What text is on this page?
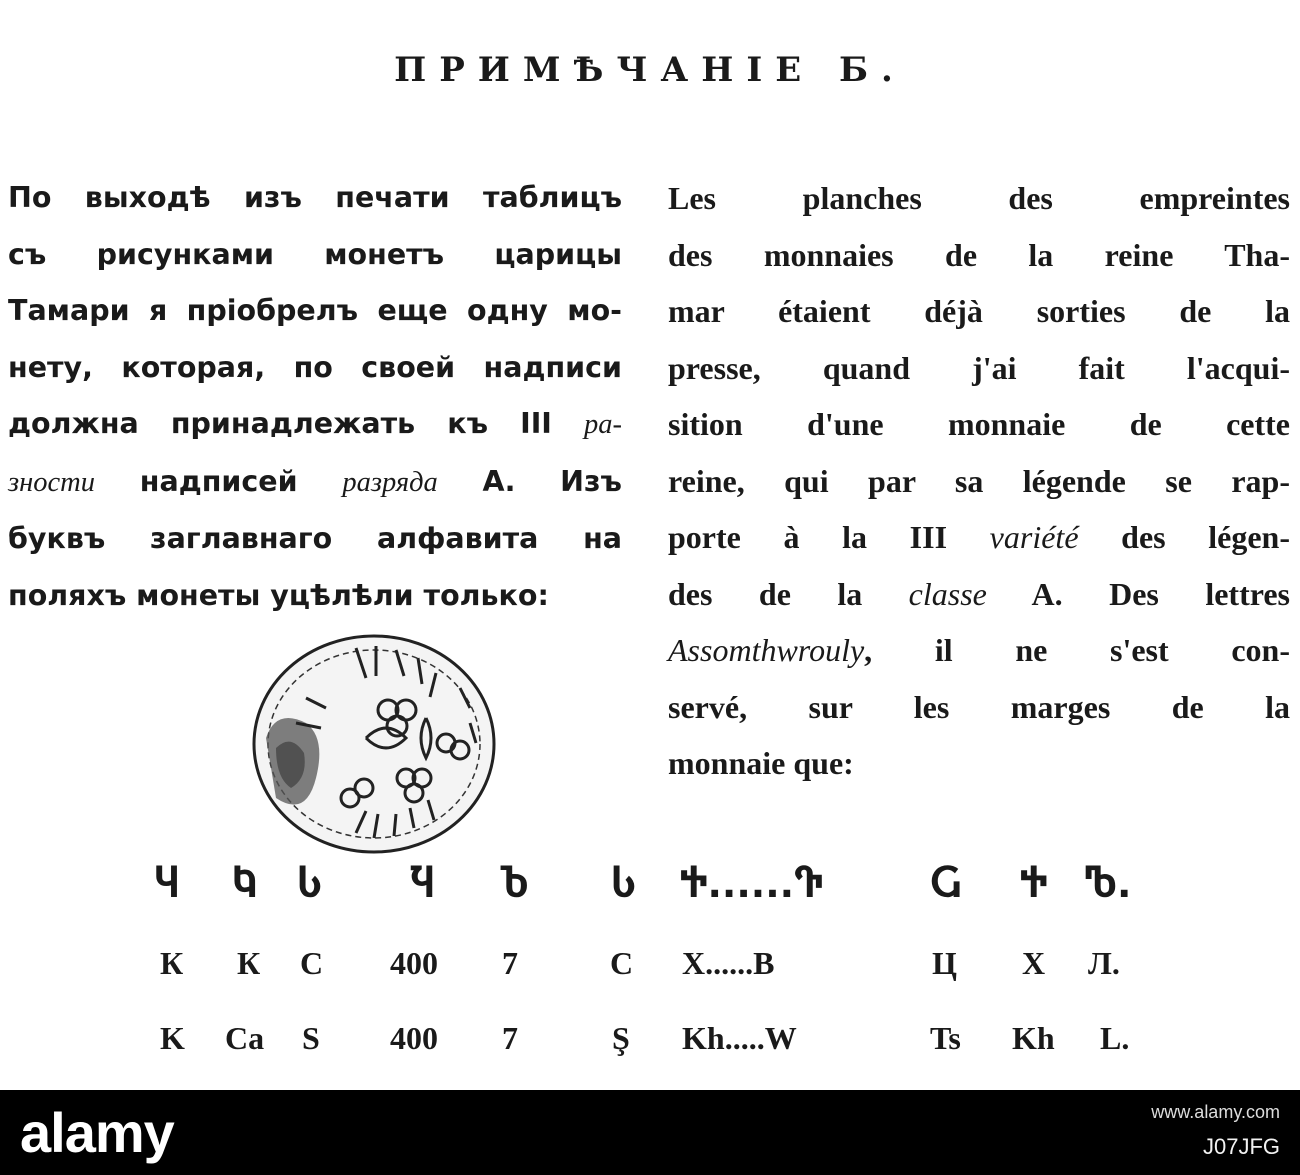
ПРИМѢЧАНІЕ Б.
По выходѣ изъ печати таблицъ
съ рисунками монетъ царицы
Тамари я пріобрелъ еще одну мо-
нету, которая, по своей надписи
должна принадлежать къ III ра-
зности надписей разряда А. Изъ
буквъ заглавнаго алфавита на
поляхъ монеты уцѣлѣли только:
Les planches des empreintes
des monnaies de la reine Tha-
mar étaient déjà sorties de la
presse, quand j'ai fait l'acqui-
sition d'une monnaie de cette
reine, qui par sa légende se rap-
porte à la III variété des légen-
des de la classe A. Des lettres
Assomthwrouly, il ne s'est con-
servé, sur les marges de la
monnaie que:
Ⴗ Ⴉ Ⴑ Ⴏ Ⴆ Ⴑ Ⴕ......Ⴅ	Ⴚ Ⴕ Ⴊ.
К К С 400 7	С Х......В	Ц Х Л.
K Ca S 400 7	Ş Kh.....W	Ts Kh L.
alamy	www.alamy.com
J07JFG
